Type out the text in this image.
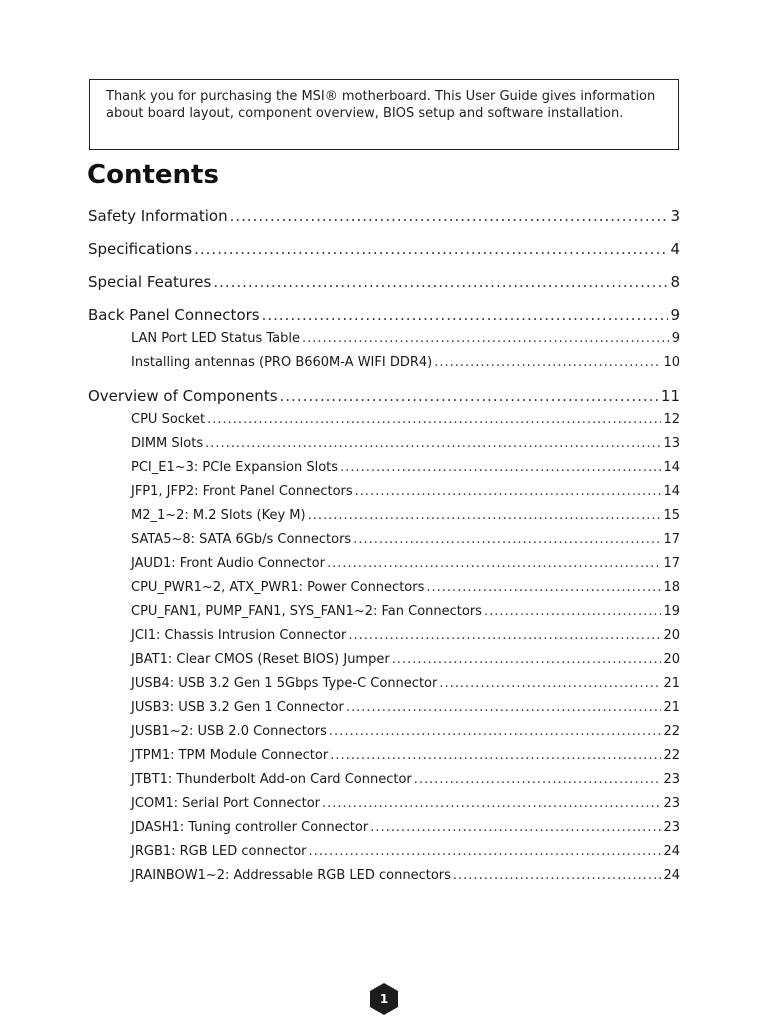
Thank you for purchasing the MSI® motherboard. This User Guide gives information about board layout, component overview, BIOS setup and software installation.
Contents
Safety Information .....	3
Specifications .....	4
Special Features .....	8
Back Panel Connectors .....	9
LAN Port LED Status Table .....	9
Installing antennas (PRO B660M-A WIFI DDR4) .....	10
Overview of Components .....	11
CPU Socket .....	12
DIMM Slots .....	13
PCI_E1~3: PCIe Expansion Slots .....	14
JFP1, JFP2: Front Panel Connectors .....	14
M2_1~2: M.2 Slots (Key M) .....	15
SATA5~8: SATA 6Gb/s Connectors .....	17
JAUD1: Front Audio Connector .....	17
CPU_PWR1~2, ATX_PWR1: Power Connectors .....	18
CPU_FAN1, PUMP_FAN1, SYS_FAN1~2: Fan Connectors .....	19
JCI1: Chassis Intrusion Connector .....	20
JBAT1: Clear CMOS (Reset BIOS) Jumper .....	20
JUSB4: USB 3.2 Gen 1 5Gbps Type-C Connector .....	21
JUSB3: USB 3.2 Gen 1 Connector .....	21
JUSB1~2: USB 2.0 Connectors .....	22
JTPM1: TPM Module Connector .....	22
JTBT1: Thunderbolt Add-on Card Connector .....	23
JCOM1: Serial Port Connector .....	23
JDASH1: Tuning controller Connector .....	23
JRGB1: RGB LED connector .....	24
JRAINBOW1~2: Addressable RGB LED connectors .....	24
1
